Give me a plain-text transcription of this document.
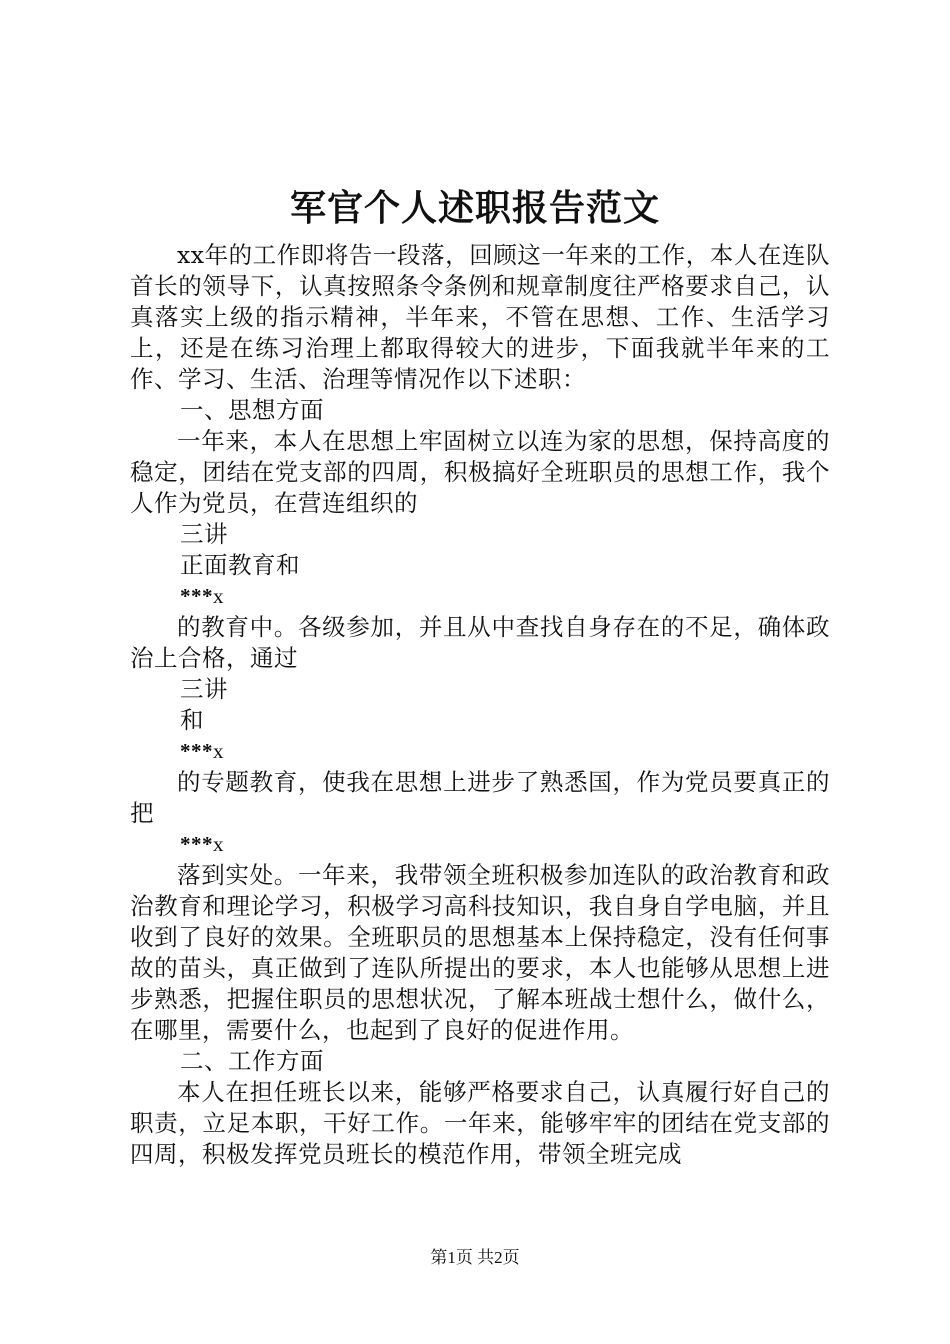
军官个人述职报告范文

xx年的工作即将告一段落，回顾这一年来的工作，本人在连队首长的领导下，认真按照条令条例和规章制度往严格要求自己，认真落实上级的指示精神，半年来，不管在思想、工作、生活学习上，还是在练习治理上都取得较大的进步，下面我就半年来的工作、学习、生活、治理等情况作以下述职：

一、思想方面

一年来，本人在思想上牢固树立以连为家的思想，保持高度的稳定，团结在党支部的四周，积极搞好全班职员的思想工作，我个人作为党员，在营连组织的

三讲

正面教育和

***x

的教育中。各级参加，并且从中查找自身存在的不足，确体政治上合格，通过

三讲

和

***x

的专题教育，使我在思想上进步了熟悉国，作为党员要真正的把

***x

落到实处。一年来，我带领全班积极参加连队的政治教育和政治教育和理论学习，积极学习高科技知识，我自身自学电脑，并且收到了良好的效果。全班职员的思想基本上保持稳定，没有任何事故的苗头，真正做到了连队所提出的要求，本人也能够从思想上进步熟悉，把握住职员的思想状况，了解本班战士想什么，做什么，在哪里，需要什么，也起到了良好的促进作用。

二、工作方面

本人在担任班长以来，能够严格要求自己，认真履行好自己的职责，立足本职，干好工作。一年来，能够牢牢的团结在党支部的四周，积极发挥党员班长的模范作用，带领全班完成

第1页 共2页
